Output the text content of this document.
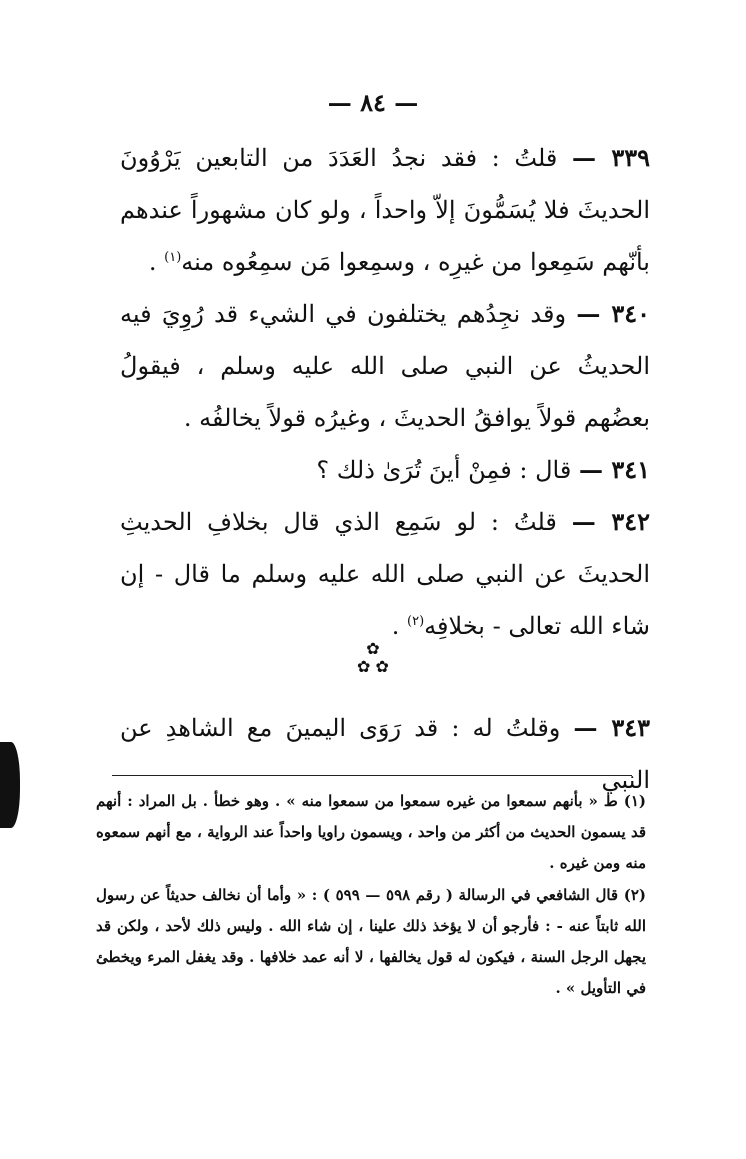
— ٨٤ —
٣٣٩ — قلتُ : فقد نجدُ العَدَدَ من التابعين يَرْوُونَ الحديثَ فلا يُسَمُّونَ إلاّ واحداً ، ولو كان مشهوراً عندهم بأنّهم سَمِعوا من غيرِه ، وسمِعوا مَن سمِعُوه منه$^{(١)}$ .
٣٤٠ — وقد نجِدُهم يختلفون في الشيء قد رُوِيَ فيه الحديثُ عن النبي صلى الله عليه وسلم ، فيقولُ بعضُهم قولاً يوافقُ الحديثَ ، وغيرُه قولاً يخالفُه .
٣٤١ — قال : فمِنْ أينَ تُرَىٰ ذلك ؟
٣٤٢ — قلتُ : لو سَمِع الذي قال بخلافِ الحديثِ الحديثَ عن النبي صلى الله عليه وسلم ما قال - إن شاء الله تعالى - بخلافِه$^{(٢)}$ .
✿
✿ ✿
٣٤٣ — وقلتُ له : قد رَوَى اليمينَ مع الشاهدِ عن النبي
(١) ط « بأنهم سمعوا من غيره سمعوا من سمعوا منه » . وهو خطأ . بل المراد : أنهم قد يسمون الحديث من أكثر من واحد ، ويسمون راويا واحداً عند الرواية ، مع أنهم سمعوه منه ومن غيره .
(٢) قال الشافعي في الرسالة ( رقم ٥٩٨ — ٥٩٩ ) : « وأما أن نخالف حديثاً عن رسول الله ثابتاً عنه - : فأرجو أن لا يؤخذ ذلك علينا ، إن شاء الله . وليس ذلك لأحد ، ولكن قد يجهل الرجل السنة ، فيكون له قول يخالفها ، لا أنه عمد خلافها . وقد يغفل المرء ويخطئ في التأويل » .
